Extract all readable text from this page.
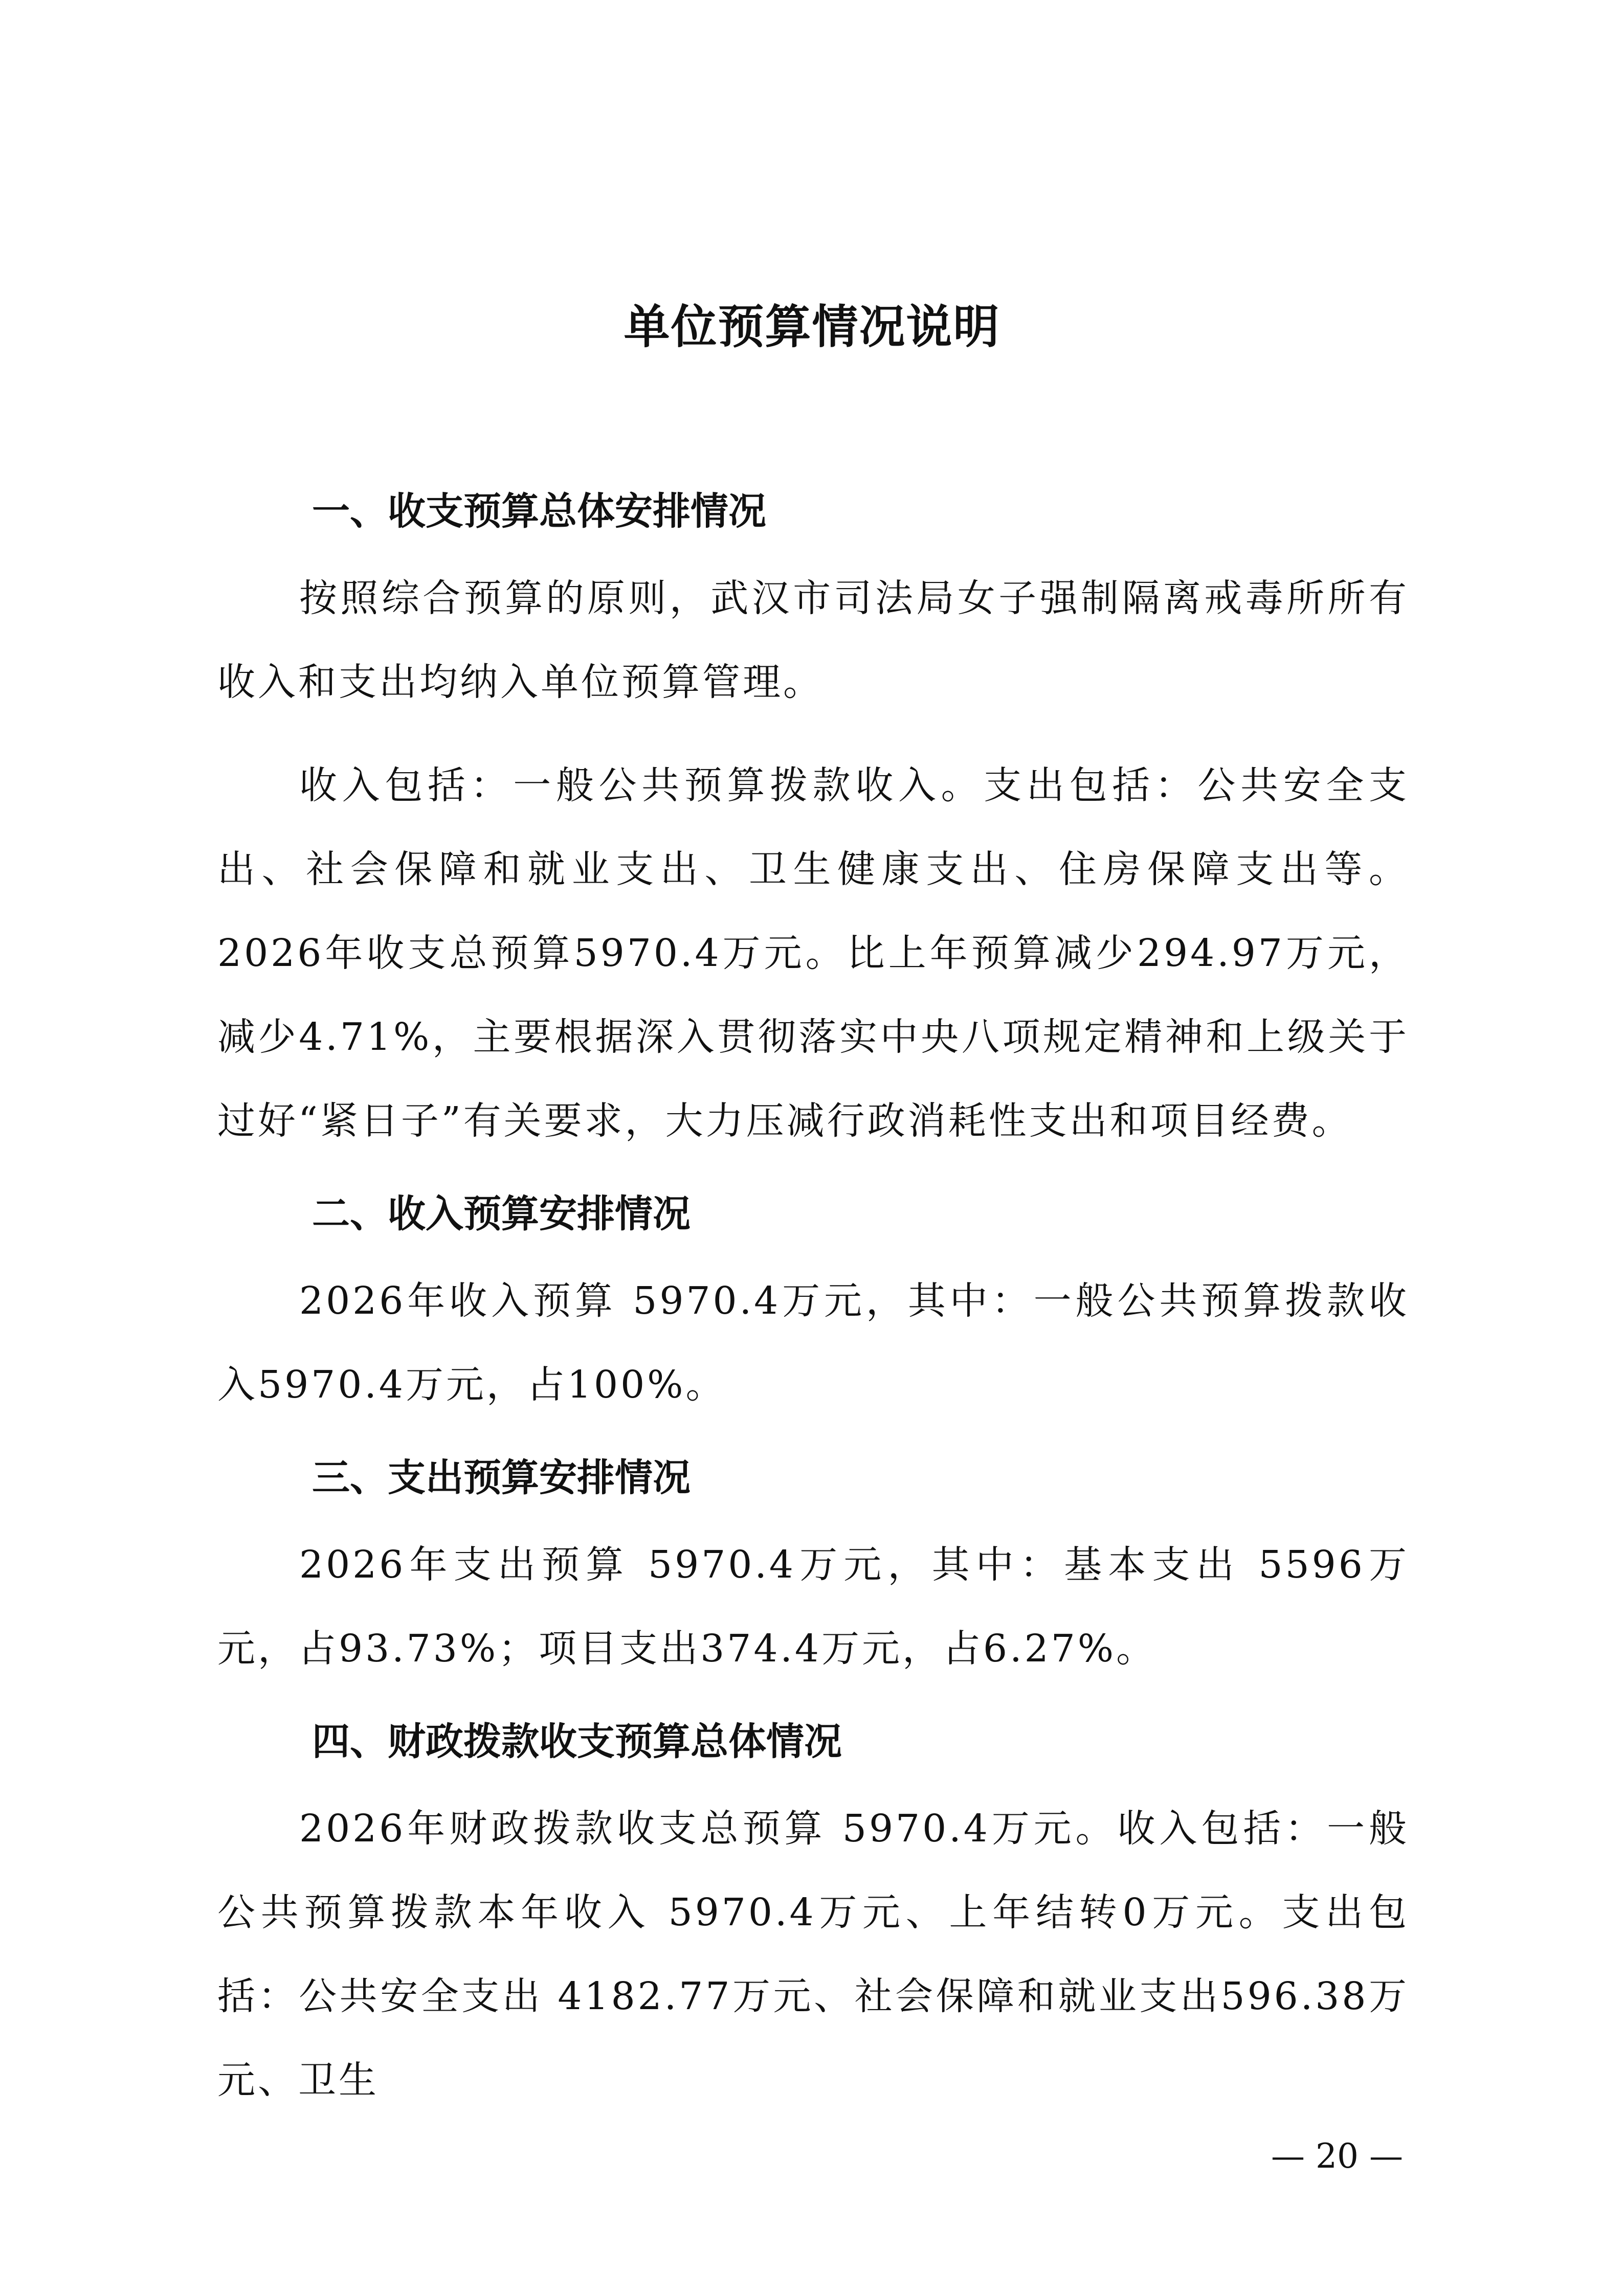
单位预算情况说明
一、收支预算总体安排情况

按照综合预算的原则，武汉市司法局女子强制隔离戒毒所所有收入和支出均纳入单位预算管理。

收入包括：一般公共预算拨款收入。支出包括：公共安全支出、社会保障和就业支出、卫生健康支出、住房保障支出等。2026年收支总预算5970.4万元。比上年预算减少294.97万元，减少4.71%，主要根据深入贯彻落实中央八项规定精神和上级关于过好“紧日子”有关要求，大力压减行政消耗性支出和项目经费。

二、收入预算安排情况

2026年收入预算 5970.4万元，其中：一般公共预算拨款收入5970.4万元，占100%。

三、支出预算安排情况

2026年支出预算 5970.4万元，其中：基本支出 5596万元，占93.73%；项目支出374.4万元，占6.27%。

四、财政拨款收支预算总体情况

2026年财政拨款收支总预算 5970.4万元。收入包括：一般公共预算拨款本年收入 5970.4万元、上年结转0万元。支出包括：公共安全支出 4182.77万元、社会保障和就业支出596.38万元、卫生

— 20 —
